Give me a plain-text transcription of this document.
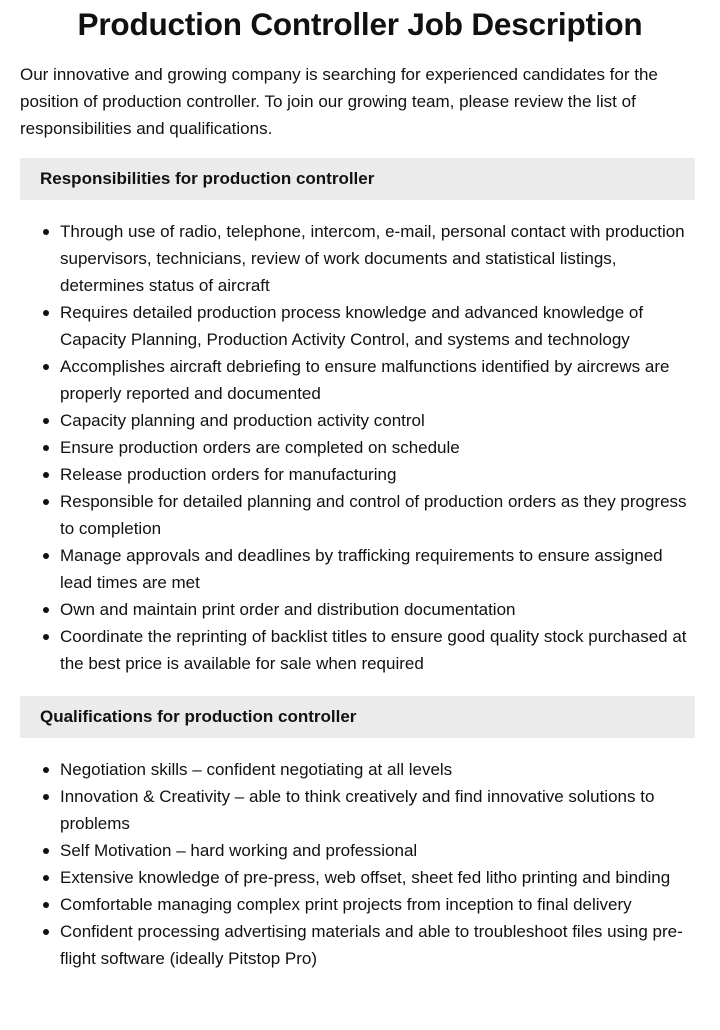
Production Controller Job Description

Our innovative and growing company is searching for experienced candidates for the position of production controller. To join our growing team, please review the list of responsibilities and qualifications.

Responsibilities for production controller
Through use of radio, telephone, intercom, e-mail, personal contact with production supervisors, technicians, review of work documents and statistical listings, determines status of aircraft
Requires detailed production process knowledge and advanced knowledge of Capacity Planning, Production Activity Control, and systems and technology
Accomplishes aircraft debriefing to ensure malfunctions identified by aircrews are properly reported and documented
Capacity planning and production activity control
Ensure production orders are completed on schedule
Release production orders for manufacturing
Responsible for detailed planning and control of production orders as they progress to completion
Manage approvals and deadlines by trafficking requirements to ensure assigned lead times are met
Own and maintain print order and distribution documentation
Coordinate the reprinting of backlist titles to ensure good quality stock purchased at the best price is available for sale when required
Qualifications for production controller
Negotiation skills – confident negotiating at all levels
Innovation & Creativity – able to think creatively and find innovative solutions to problems
Self Motivation – hard working and professional
Extensive knowledge of pre-press, web offset, sheet fed litho printing and binding
Comfortable managing complex print projects from inception to final delivery
Confident processing advertising materials and able to troubleshoot files using pre-flight software (ideally Pitstop Pro)
